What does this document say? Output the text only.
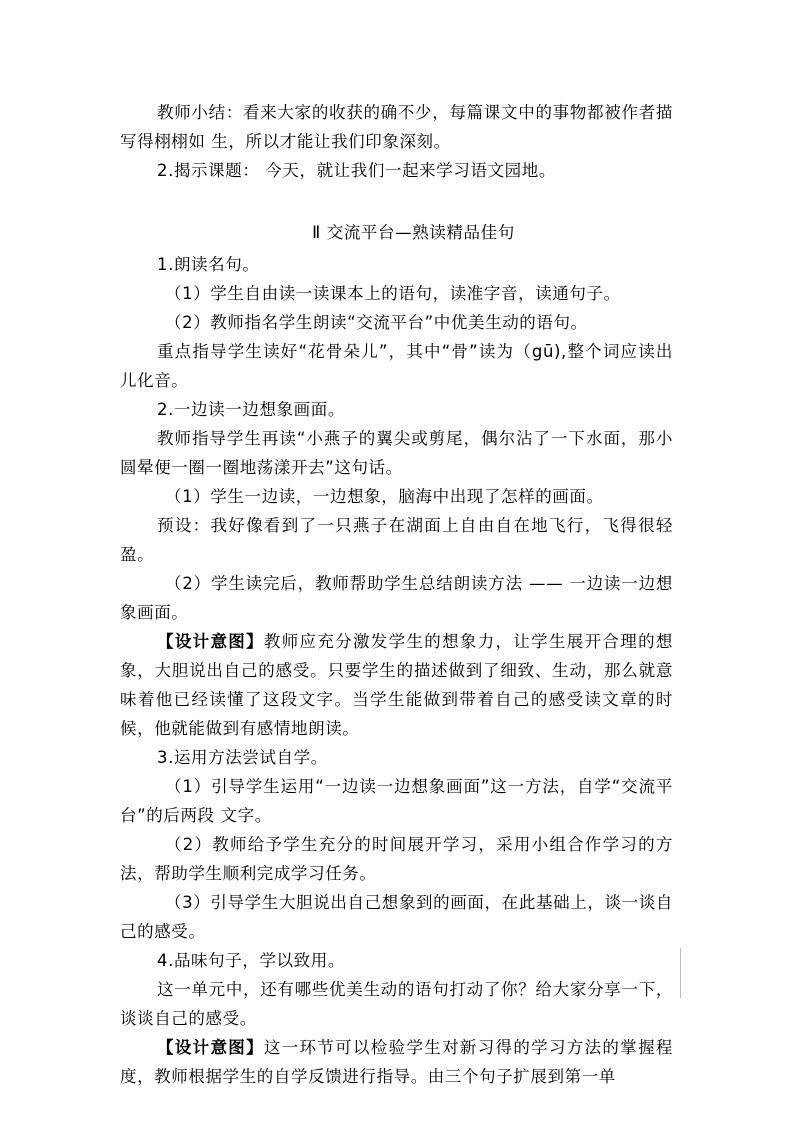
教师小结：看来大家的收获的确不少，每篇课文中的事物都被作者描写得栩栩如 生，所以才能让我们印象深刻。

2.揭示课题： 今天，就让我们一起来学习语文园地。

Ⅱ 交流平台—熟读精品佳句

1.朗读名句。

（1）学生自由读一读课本上的语句，读准字音，读通句子。

（2）教师指名学生朗读“交流平台”中优美生动的语句。

重点指导学生读好“花骨朵儿”，其中“骨”读为（gū),整个词应读出儿化音。

2.一边读一边想象画面。

教师指导学生再读“小燕子的翼尖或剪尾，偶尔沾了一下水面，那小圆晕便一圈一圈地荡漾开去”这句话。

（1）学生一边读，一边想象，脑海中出现了怎样的画面。

预设：我好像看到了一只燕子在湖面上自由自在地飞行，飞得很轻盈。

（2）学生读完后，教师帮助学生总结朗读方法 —— 一边读一边想象画面。

【设计意图】教师应充分激发学生的想象力，让学生展开合理的想象，大胆说出自己的感受。只要学生的描述做到了细致、生动，那么就意味着他已经读懂了这段文字。当学生能做到带着自己的感受读文章的时候，他就能做到有感情地朗读。

3.运用方法尝试自学。

（1）引导学生运用“一边读一边想象画面”这一方法，自学“交流平台”的后两段 文字。

（2）教师给予学生充分的时间展开学习，采用小组合作学习的方法，帮助学生顺利完成学习任务。

（3）引导学生大胆说出自己想象到的画面，在此基础上，谈一谈自己的感受。

4.品味句子，学以致用。

这一单元中，还有哪些优美生动的语句打动了你？给大家分享一下，谈谈自己的感受。

【设计意图】这一环节可以检验学生对新习得的学习方法的掌握程度，教师根据学生的自学反馈进行指导。由三个句子扩展到第一单
